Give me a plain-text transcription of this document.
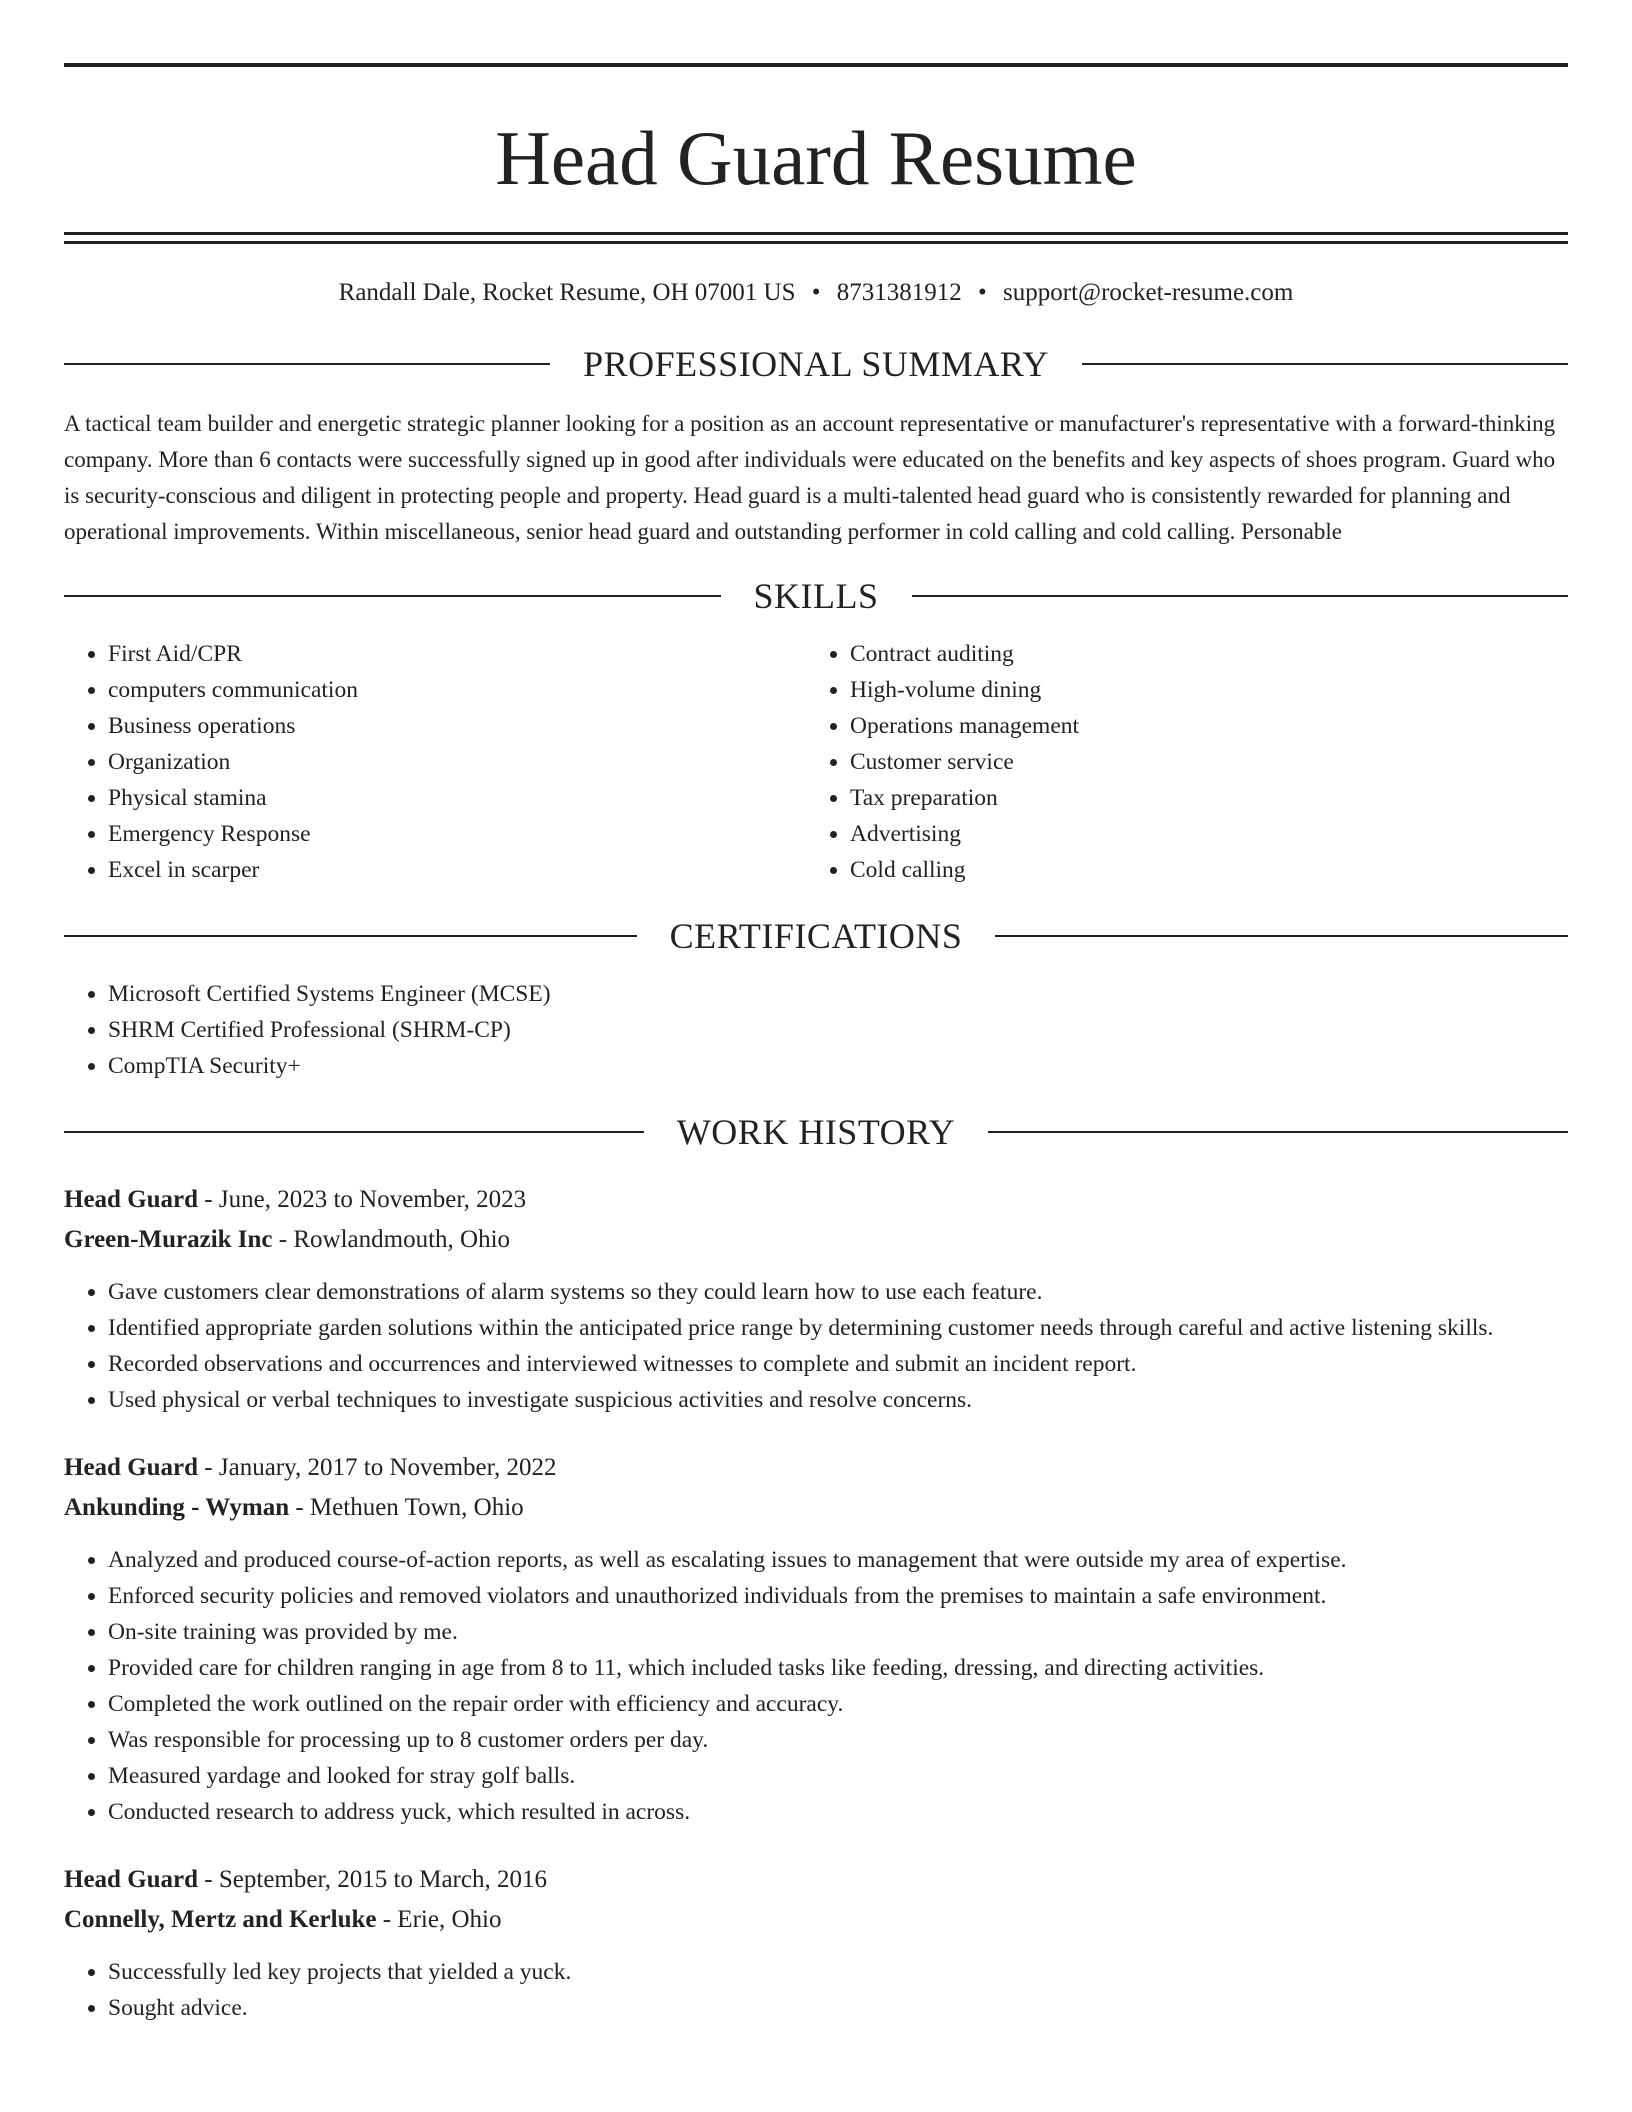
Head Guard Resume
Randall Dale, Rocket Resume, OH 07001 US • 8731381912 • support@rocket-resume.com
PROFESSIONAL SUMMARY
A tactical team builder and energetic strategic planner looking for a position as an account representative or manufacturer's representative with a forward-thinking company. More than 6 contacts were successfully signed up in good after individuals were educated on the benefits and key aspects of shoes program. Guard who is security-conscious and diligent in protecting people and property. Head guard is a multi-talented head guard who is consistently rewarded for planning and operational improvements. Within miscellaneous, senior head guard and outstanding performer in cold calling and cold calling. Personable
SKILLS
• First Aid/CPR
• computers communication
• Business operations
• Organization
• Physical stamina
• Emergency Response
• Excel in scarper
• Contract auditing
• High-volume dining
• Operations management
• Customer service
• Tax preparation
• Advertising
• Cold calling
CERTIFICATIONS
• Microsoft Certified Systems Engineer (MCSE)
• SHRM Certified Professional (SHRM-CP)
• CompTIA Security+
WORK HISTORY
Head Guard - June, 2023 to November, 2023
Green-Murazik Inc - Rowlandmouth, Ohio
• Gave customers clear demonstrations of alarm systems so they could learn how to use each feature.
• Identified appropriate garden solutions within the anticipated price range by determining customer needs through careful and active listening skills.
• Recorded observations and occurrences and interviewed witnesses to complete and submit an incident report.
• Used physical or verbal techniques to investigate suspicious activities and resolve concerns.
Head Guard - January, 2017 to November, 2022
Ankunding - Wyman - Methuen Town, Ohio
• Analyzed and produced course-of-action reports, as well as escalating issues to management that were outside my area of expertise.
• Enforced security policies and removed violators and unauthorized individuals from the premises to maintain a safe environment.
• On-site training was provided by me.
• Provided care for children ranging in age from 8 to 11, which included tasks like feeding, dressing, and directing activities.
• Completed the work outlined on the repair order with efficiency and accuracy.
• Was responsible for processing up to 8 customer orders per day.
• Measured yardage and looked for stray golf balls.
• Conducted research to address yuck, which resulted in across.
Head Guard - September, 2015 to March, 2016
Connelly, Mertz and Kerluke - Erie, Ohio
• Successfully led key projects that yielded a yuck.
• Sought advice.
